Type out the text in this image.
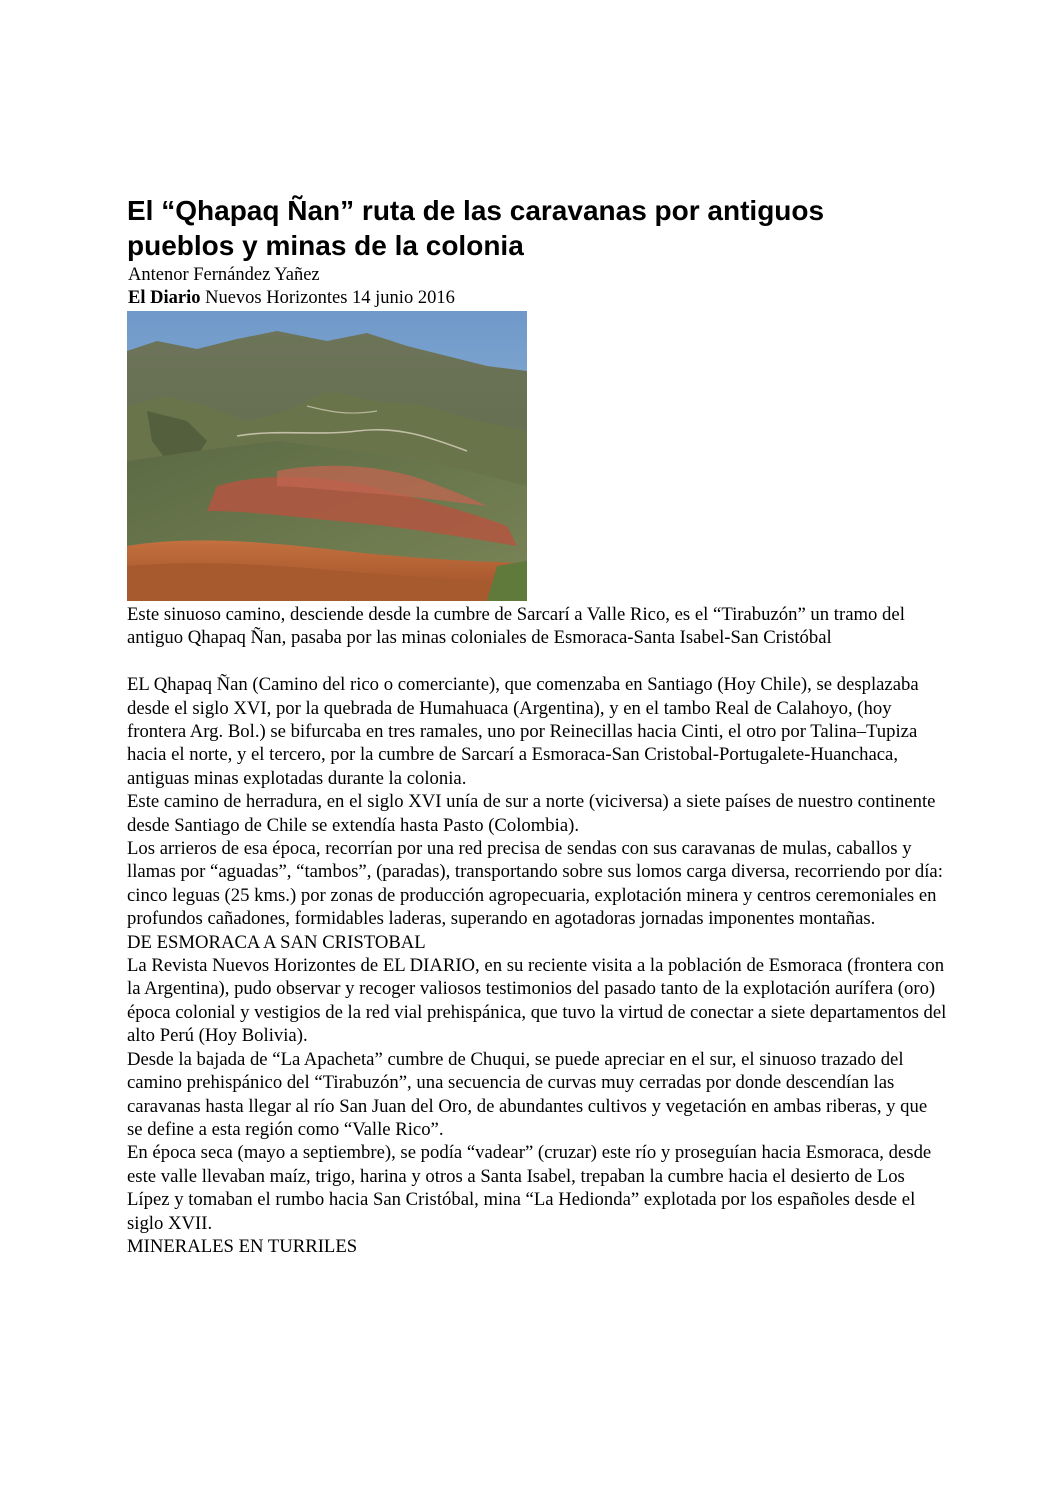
El “Qhapaq Ñan” ruta de las caravanas por antiguos pueblos y minas de la colonia
Antenor Fernández Yañez
El Diario Nuevos Horizontes 14 junio 2016

Este sinuoso camino, desciende desde la cumbre de Sarcarí a Valle Rico, es el “Tirabuzón” un tramo del antiguo Qhapaq Ñan, pasaba por las minas coloniales de Esmoraca-Santa Isabel-San Cristóbal

EL Qhapaq Ñan (Camino del rico o comerciante), que comenzaba en Santiago (Hoy Chile), se desplazaba desde el siglo XVI, por la quebrada de Humahuaca (Argentina), y en el tambo Real de Calahoyo, (hoy frontera Arg. Bol.) se bifurcaba en tres ramales, uno por Reinecillas hacia Cinti, el otro por Talina–Tupiza hacia el norte, y el tercero, por la cumbre de Sarcarí a Esmoraca-San Cristobal-Portugalete-Huanchaca, antiguas minas explotadas durante la colonia.

Este camino de herradura, en el siglo XVI unía de sur a norte (viciversa) a siete países de nuestro continente desde Santiago de Chile se extendía hasta Pasto (Colombia).

Los arrieros de esa época, recorrían por una red precisa de sendas con sus caravanas de mulas, caballos y llamas por “aguadas”, “tambos”, (paradas), transportando sobre sus lomos carga diversa, recorriendo por día: cinco leguas (25 kms.) por zonas de producción agropecuaria, explotación minera y centros ceremoniales en profundos cañadones, formidables laderas, superando en agotadoras jornadas imponentes montañas.

DE ESMORACA A SAN CRISTOBAL

La Revista Nuevos Horizontes de EL DIARIO, en su reciente visita a la población de Esmoraca (frontera con la Argentina), pudo observar y recoger valiosos testimonios del pasado tanto de la explotación aurífera (oro) época colonial y vestigios de la red vial prehispánica, que tuvo la virtud de conectar a siete departamentos del alto Perú (Hoy Bolivia).

Desde la bajada de “La Apacheta” cumbre de Chuqui, se puede apreciar en el sur, el sinuoso trazado del camino prehispánico del “Tirabuzón”, una secuencia de curvas muy cerradas por donde descendían las caravanas hasta llegar al río San Juan del Oro, de abundantes cultivos y vegetación en ambas riberas, y que se define a esta región como “Valle Rico”.

En época seca (mayo a septiembre), se podía “vadear” (cruzar) este río y proseguían hacia Esmoraca, desde este valle llevaban maíz, trigo, harina y otros a Santa Isabel, trepaban la cumbre hacia el desierto de Los Lípez y tomaban el rumbo hacia San Cristóbal, mina “La Hedionda” explotada por los españoles desde el siglo XVII.

MINERALES EN TURRILES
